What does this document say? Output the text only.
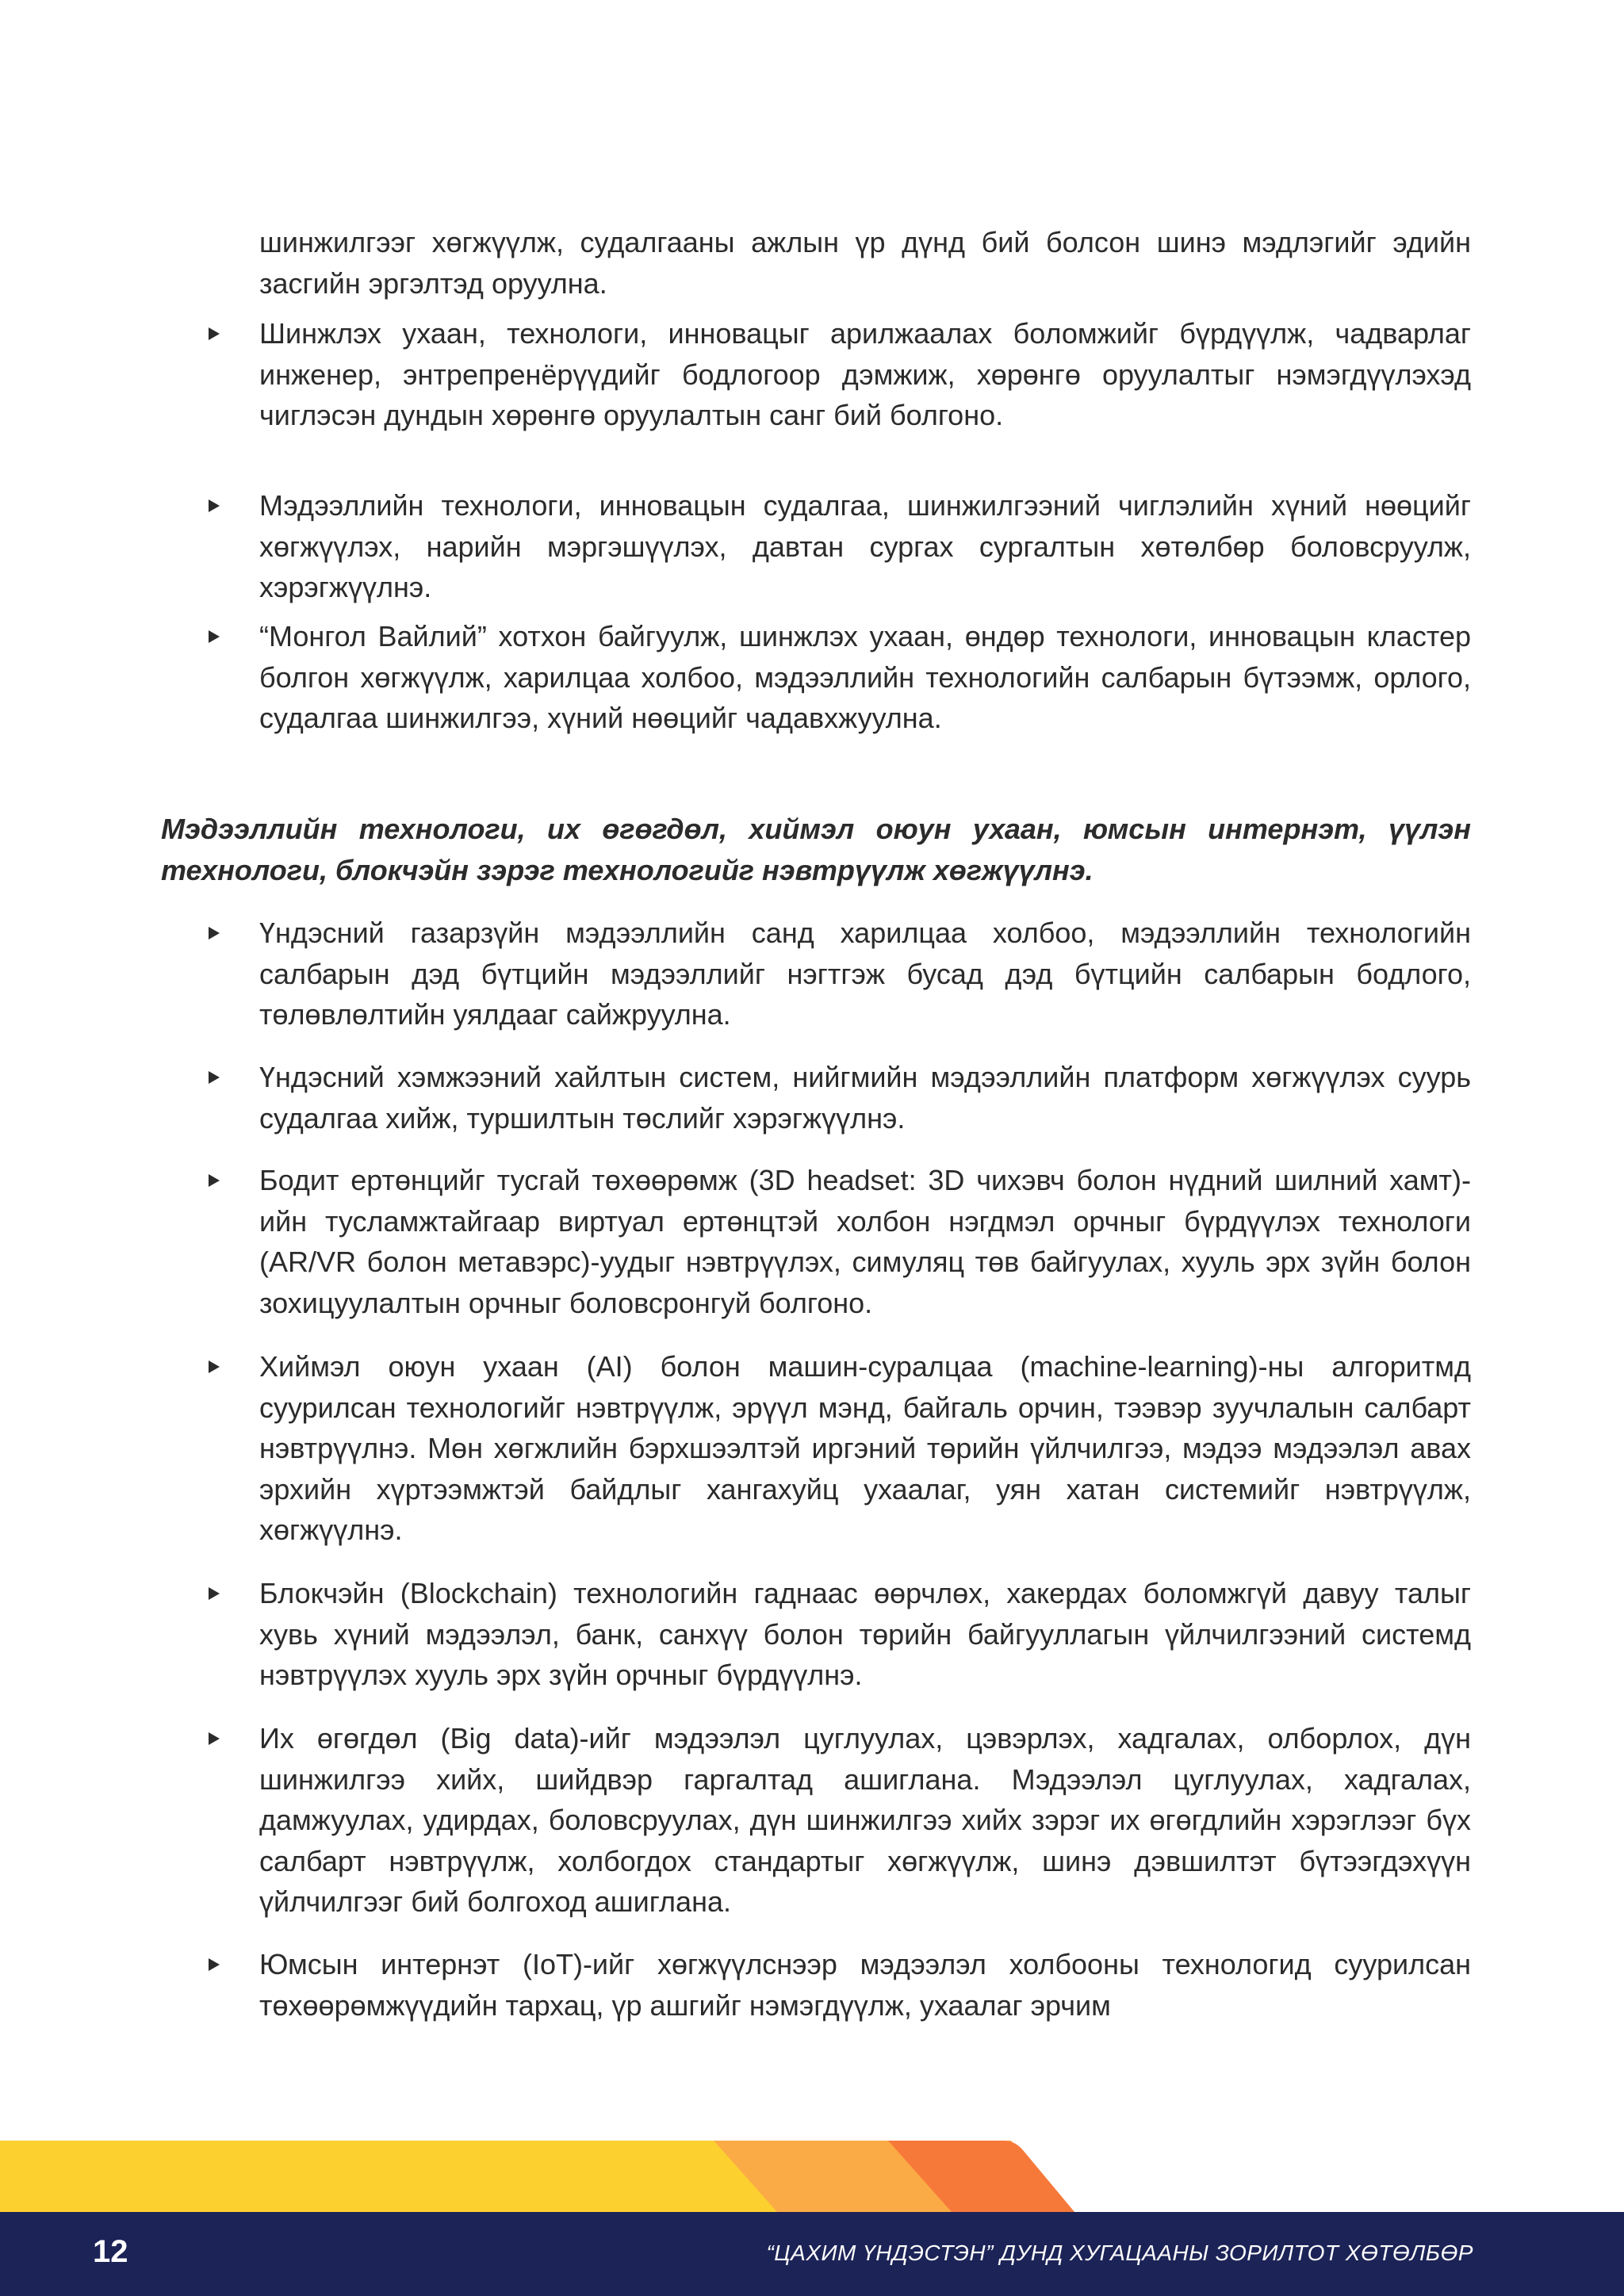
шинжилгээг хөгжүүлж, судалгааны ажлын үр дүнд бий болсон шинэ мэдлэгийг эдийн засгийн эргэлтэд оруулна.

Шинжлэх ухаан, технологи, инновацыг арилжаалах боломжийг бүрдүүлж, чадварлаг инженер, энтрепренёрүүдийг бодлогоор дэмжиж, хөрөнгө оруулалтыг нэмэгдүүлэхэд чиглэсэн дундын хөрөнгө оруулалтын санг бий болгоно.

Мэдээллийн технологи, инновацын судалгаа, шинжилгээний чиглэлийн хүний нөөцийг хөгжүүлэх, нарийн мэргэшүүлэх, давтан сургах сургалтын хөтөлбөр боловсруулж, хэрэгжүүлнэ.

“Монгол Вайлий” хотхон байгуулж, шинжлэх ухаан, өндөр технологи, инновацын кластер болгон хөгжүүлж, харилцаа холбоо, мэдээллийн технологийн салбарын бүтээмж, орлого, судалгаа шинжилгээ, хүний нөөцийг чадавхжуулна.

Мэдээллийн технологи, их өгөгдөл, хиймэл оюун ухаан, юмсын интернэт, үүлэн технологи, блокчэйн зэрэг технологийг нэвтрүүлж хөгжүүлнэ.

Үндэсний газарзүйн мэдээллийн санд харилцаа холбоо, мэдээллийн технологийн салбарын дэд бүтцийн мэдээллийг нэгтгэж бусад дэд бүтцийн салбарын бодлого, төлөвлөлтийн уялдааг сайжруулна.

Үндэсний хэмжээний хайлтын систем, нийгмийн мэдээллийн платформ хөгжүүлэх суурь судалгаа хийж, туршилтын төслийг хэрэгжүүлнэ.

Бодит ертөнцийг тусгай төхөөрөмж (3D headset: 3D чихэвч болон нүдний шилний хамт)-ийн тусламжтайгаар виртуал ертөнцтэй холбон нэгдмэл орчныг бүрдүүлэх технологи (AR/VR болон метавэрс)-уудыг нэвтрүүлэх, симуляц төв байгуулах, хууль эрх зүйн болон зохицуулалтын орчныг боловсронгуй болгоно.

Хиймэл оюун ухаан (AI) болон машин-суралцаа (machine-learning)-ны алгоритмд суурилсан технологийг нэвтрүүлж, эрүүл мэнд, байгаль орчин, тээвэр зуучлалын салбарт нэвтрүүлнэ. Мөн хөгжлийн бэрхшээлтэй иргэний төрийн үйлчилгээ, мэдээ мэдээлэл авах эрхийн хүртээмжтэй байдлыг хангахуйц ухаалаг, уян хатан системийг нэвтрүүлж, хөгжүүлнэ.

Блокчэйн (Blockchain) технологийн гаднаас өөрчлөх, хакердах боломжгүй давуу талыг хувь хүний мэдээлэл, банк, санхүү болон төрийн байгууллагын үйлчилгээний системд нэвтрүүлэх хууль эрх зүйн орчныг бүрдүүлнэ.

Их өгөгдөл (Big data)-ийг мэдээлэл цуглуулах, цэвэрлэх, хадгалах, олборлох, дүн шинжилгээ хийх, шийдвэр гаргалтад ашиглана. Мэдээлэл цуглуулах, хадгалах, дамжуулах, удирдах, боловсруулах, дүн шинжилгээ хийх зэрэг их өгөгдлийн хэрэглээг бүх салбарт нэвтрүүлж, холбогдох стандартыг хөгжүүлж, шинэ дэвшилтэт бүтээгдэхүүн үйлчилгээг бий болгоход ашиглана.

Юмсын интернэт (IoT)-ийг хөгжүүлснээр мэдээлэл холбооны технологид суурилсан төхөөрөмжүүдийн тархац, үр ашгийг нэмэгдүүлж, ухаалаг эрчим

12	“ЦАХИМ ҮНДЭСТЭН” ДУНД ХУГАЦААНЫ ЗОРИЛТОТ ХӨТӨЛБӨР
